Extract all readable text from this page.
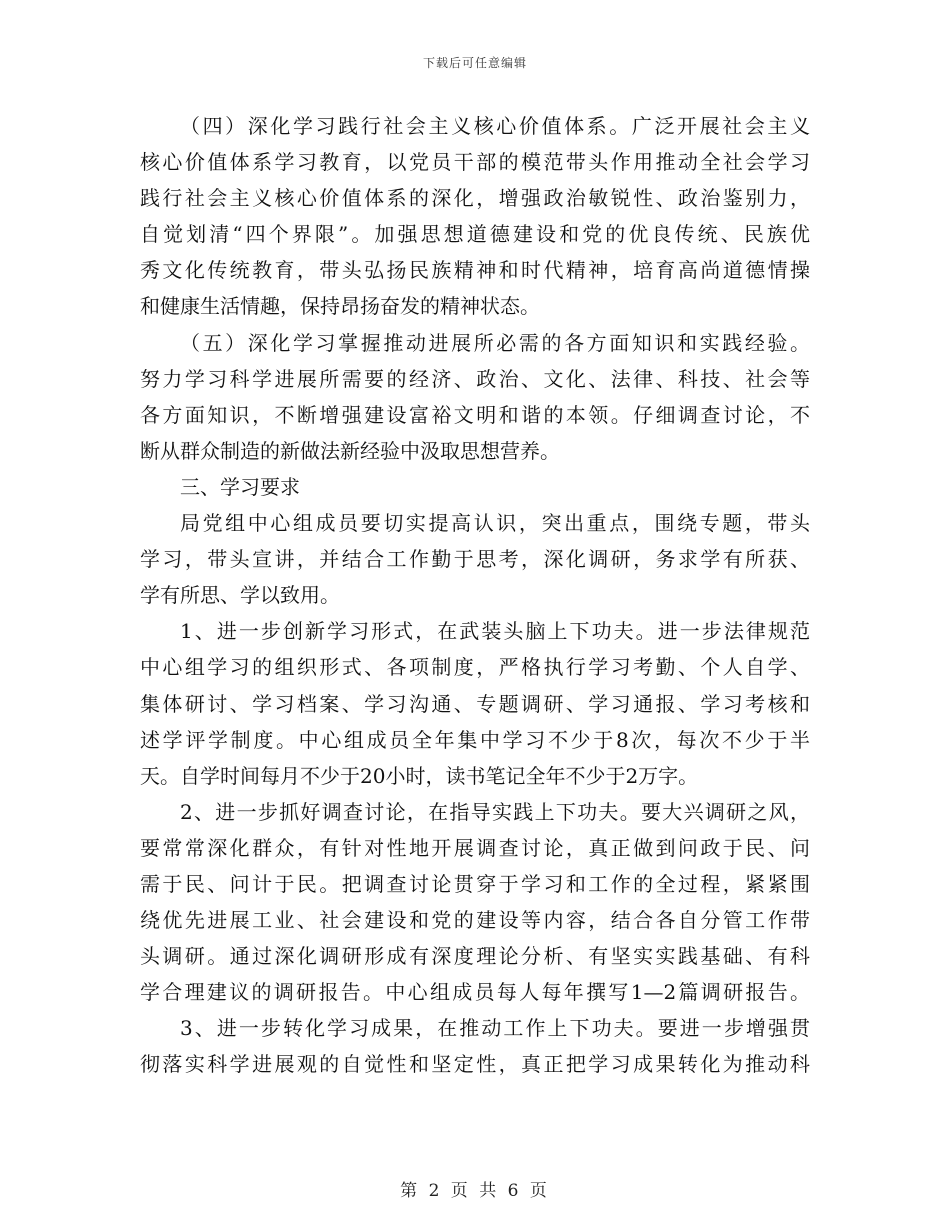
下载后可任意编辑
（四）深化学习践行社会主义核心价值体系。广泛开展社会主义
核心价值体系学习教育，以党员干部的模范带头作用推动全社会学习
践行社会主义核心价值体系的深化，增强政治敏锐性、政治鉴别力，
自觉划清“四个界限”。加强思想道德建设和党的优良传统、民族优
秀文化传统教育，带头弘扬民族精神和时代精神，培育高尚道德情操
和健康生活情趣，保持昂扬奋发的精神状态。
（五）深化学习掌握推动进展所必需的各方面知识和实践经验。
努力学习科学进展所需要的经济、政治、文化、法律、科技、社会等
各方面知识，不断增强建设富裕文明和谐的本领。仔细调查讨论，不
断从群众制造的新做法新经验中汲取思想营养。
三、学习要求
局党组中心组成员要切实提高认识，突出重点，围绕专题，带头
学习，带头宣讲，并结合工作勤于思考，深化调研，务求学有所获、
学有所思、学以致用。
1、进一步创新学习形式，在武装头脑上下功夫。进一步法律规范
中心组学习的组织形式、各项制度，严格执行学习考勤、个人自学、
集体研讨、学习档案、学习沟通、专题调研、学习通报、学习考核和
述学评学制度。中心组成员全年集中学习不少于8次，每次不少于半
天。自学时间每月不少于20小时，读书笔记全年不少于2万字。
2、进一步抓好调查讨论，在指导实践上下功夫。要大兴调研之风，
要常常深化群众，有针对性地开展调查讨论，真正做到问政于民、问
需于民、问计于民。把调查讨论贯穿于学习和工作的全过程，紧紧围
绕优先进展工业、社会建设和党的建设等内容，结合各自分管工作带
头调研。通过深化调研形成有深度理论分析、有坚实实践基础、有科
学合理建议的调研报告。中心组成员每人每年撰写1—2篇调研报告。
3、进一步转化学习成果，在推动工作上下功夫。要进一步增强贯
彻落实科学进展观的自觉性和坚定性，真正把学习成果转化为推动科
第 2 页 共 6 页
